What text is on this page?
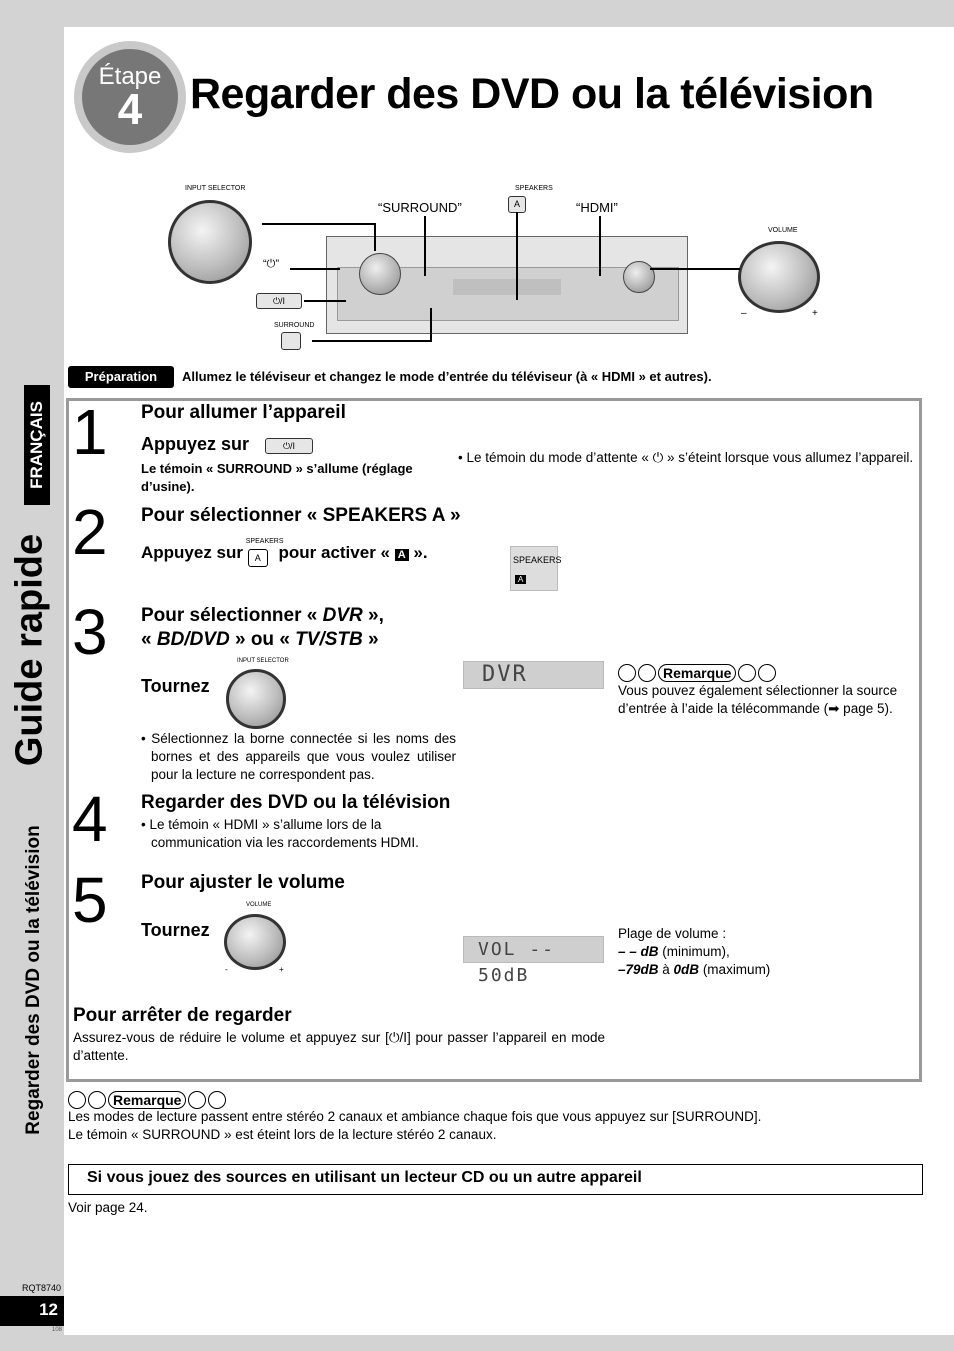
FRANÇAIS
Guide rapide
Regarder des DVD ou la télévision
RQT8740
12
108
Étape
4	Regarder des DVD ou la télévision
INPUT SELECTOR	SPEAKERS
A
“SURROUND”	“HDMI”
“⏻”
⏻/I
SURROUND
VOLUME
–	+
Préparation	Allumez le téléviseur et changez le mode d’entrée du téléviseur (à « HDMI » et autres).
1 Pour allumer l’appareil
Appuyez sur	⏻/I
Le témoin « SURROUND » s’allume (réglage d’usine).
• Le témoin du mode d’attente « ⏻ » s’éteint lorsque vous allumez l’appareil.
2 Pour sélectionner « SPEAKERS A »
Appuyez sur
SPEAKERS
A	pour activer « A ».	SPEAKERS
A
3 Pour sélectionner « DVR »,
« BD/DVD » ou « TV/STB »
INPUT SELECTOR
Tournez
• Sélectionnez la borne connectée si les noms des bornes et des appareils que vous voulez utiliser pour la lecture ne correspondent pas.
DVR	Remarque
Vous pouvez également sélectionner la source d’entrée à l’aide la télécommande (➡ page 5).
4 Regarder des DVD ou la télévision
• Le témoin « HDMI » s’allume lors de la communication via les raccordements HDMI.
5 Pour ajuster le volume
VOLUME
Tournez
-	+
VOL -- 50dB
Plage de volume :
– – dB (minimum),
–79dB à 0dB (maximum)
Pour arrêter de regarder
Assurez-vous de réduire le volume et appuyez sur [⏻/I] pour passer l’appareil en mode d’attente.
Remarque
Les modes de lecture passent entre stéréo 2 canaux et ambiance chaque fois que vous appuyez sur [SURROUND].
Le témoin « SURROUND » est éteint lors de la lecture stéréo 2 canaux.
Si vous jouez des sources en utilisant un lecteur CD ou un autre appareil
Voir page 24.
